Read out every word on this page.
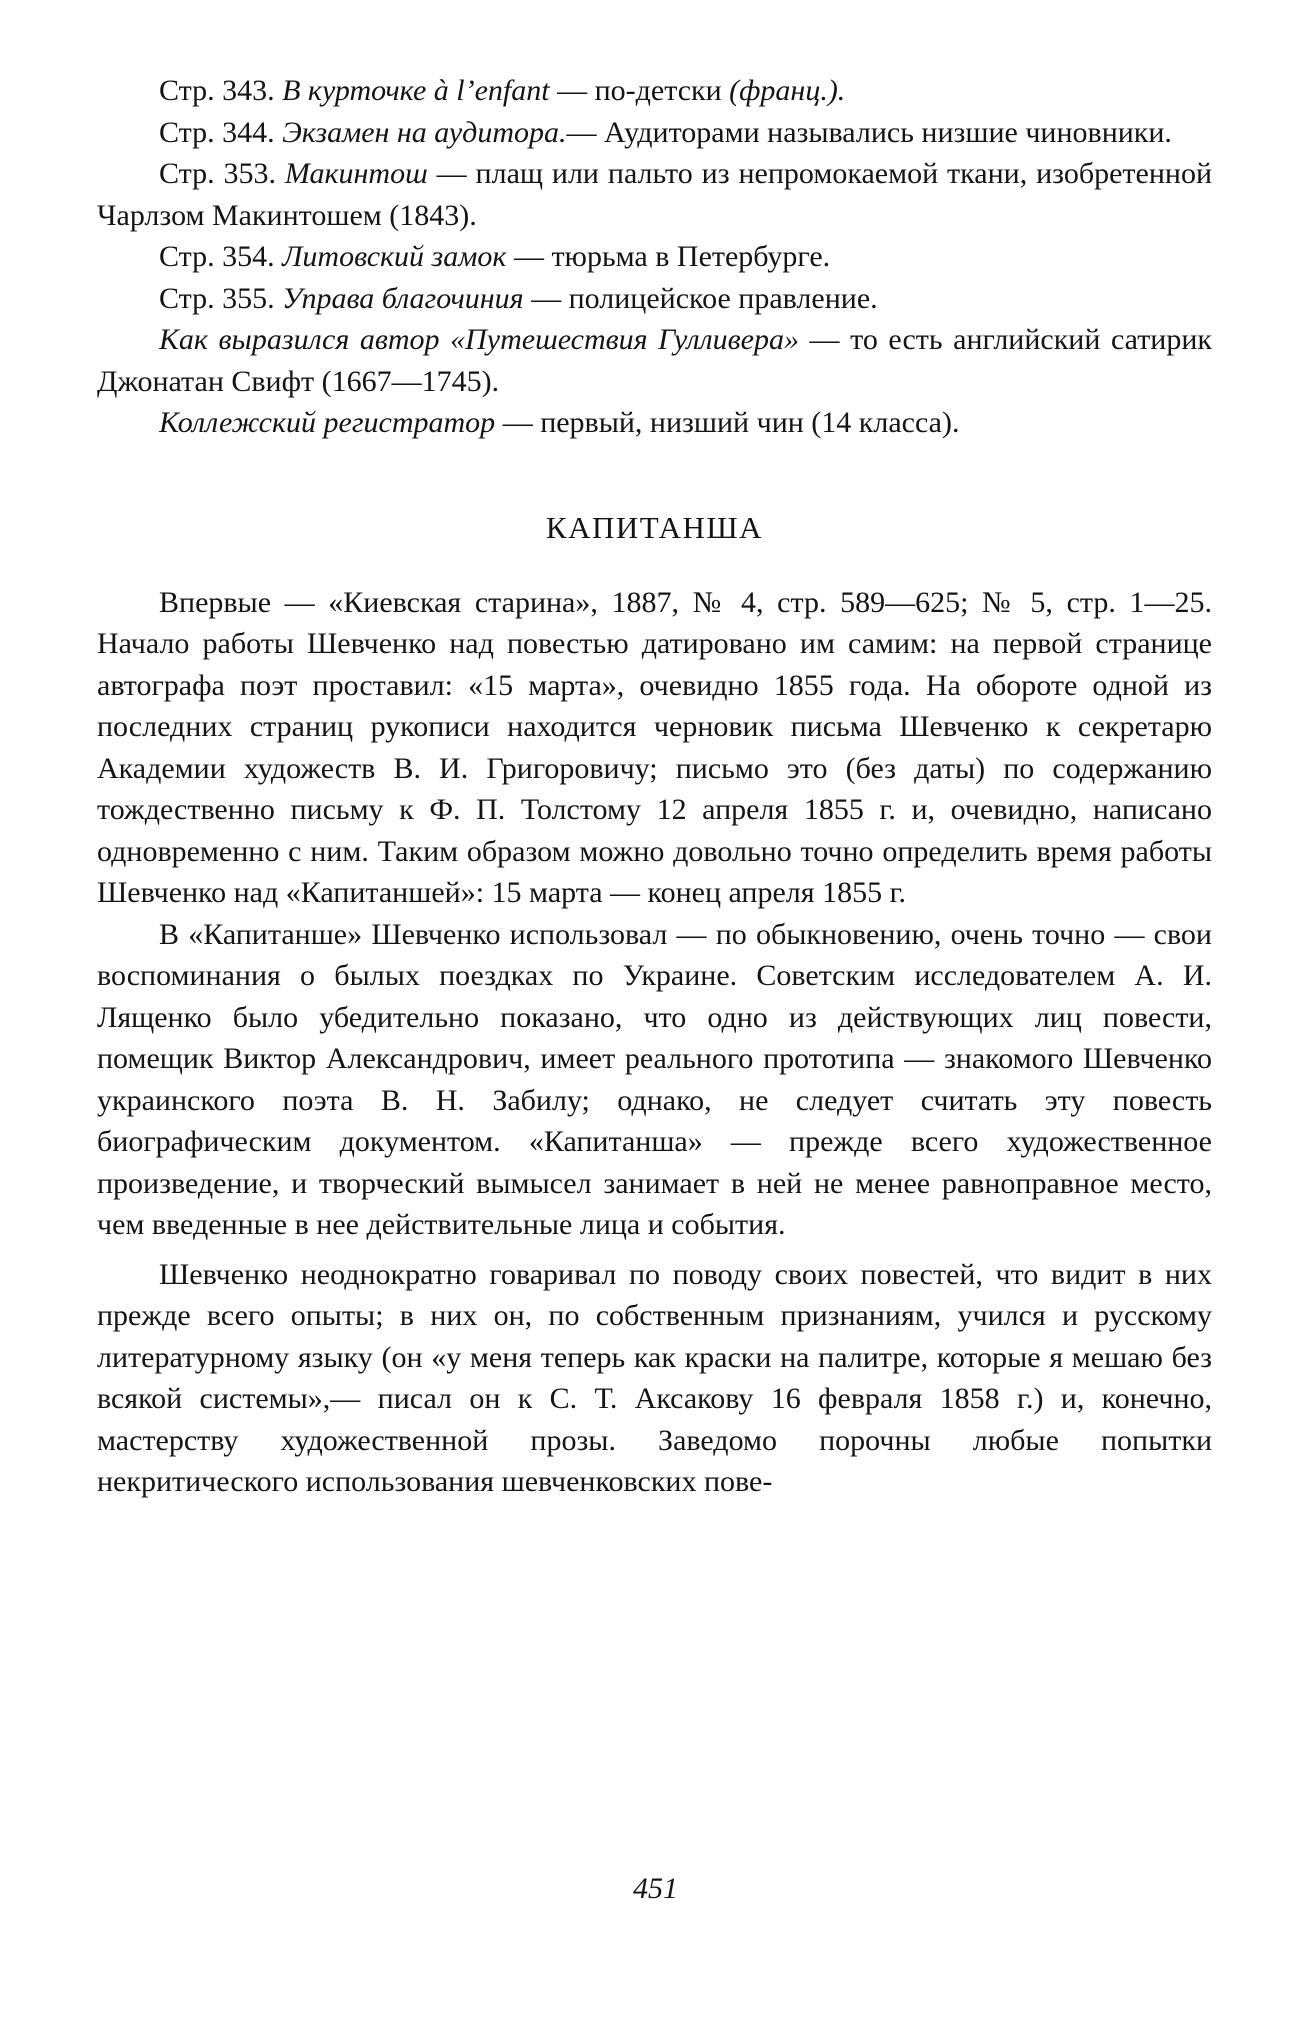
Стр. 343. В курточке à l’enfant — по-детски (франц.).

Стр. 344. Экзамен на аудитора.— Аудиторами назывались низшие чиновники.

Стр. 353. Макинтош — плащ или пальто из непромокаемой ткани, изобретенной Чарлзом Макинтошем (1843).

Стр. 354. Литовский замок — тюрьма в Петербурге.

Стр. 355. Управа благочиния — полицейское правление.

Как выразился автор «Путешествия Гулливера» — то есть английский сатирик Джонатан Свифт (1667—1745).

Коллежский регистратор — первый, низший чин (14 класса).

КАПИТАНША

Впервые — «Киевская старина», 1887, № 4, стр. 589—625; № 5, стр. 1—25. Начало работы Шевченко над повестью датировано им самим: на первой странице автографа поэт проставил: «15 марта», очевидно 1855 года. На обороте одной из последних страниц рукописи находится черновик письма Шевченко к секретарю Академии художеств В. И. Григоровичу; письмо это (без даты) по содержанию тождественно письму к Ф. П. Толстому 12 апреля 1855 г. и, очевидно, написано одновременно с ним. Таким образом можно довольно точно определить время работы Шевченко над «Капитаншей»: 15 марта — конец апреля 1855 г.

В «Капитанше» Шевченко использовал — по обыкновению, очень точно — свои воспоминания о былых поездках по Украине. Советским исследователем А. И. Лященко было убедительно показано, что одно из действующих лиц повести, помещик Виктор Александрович, имеет реального прототипа — знакомого Шевченко украинского поэта В. Н. Забилу; однако, не следует считать эту повесть биографическим документом. «Капитанша» — прежде всего художественное произведение, и творческий вымысел занимает в ней не менее равноправное место, чем введенные в нее действительные лица и события.

Шевченко неоднократно говаривал по поводу своих повестей, что видит в них прежде всего опыты; в них он, по собственным признаниям, учился и русскому литературному языку (он «у меня теперь как краски на палитре, которые я мешаю без всякой системы»,— писал он к С. Т. Аксакову 16 февраля 1858 г.) и, конечно, мастерству художественной прозы. Заведомо порочны любые попытки некритического использования шевченковских пове-

451
